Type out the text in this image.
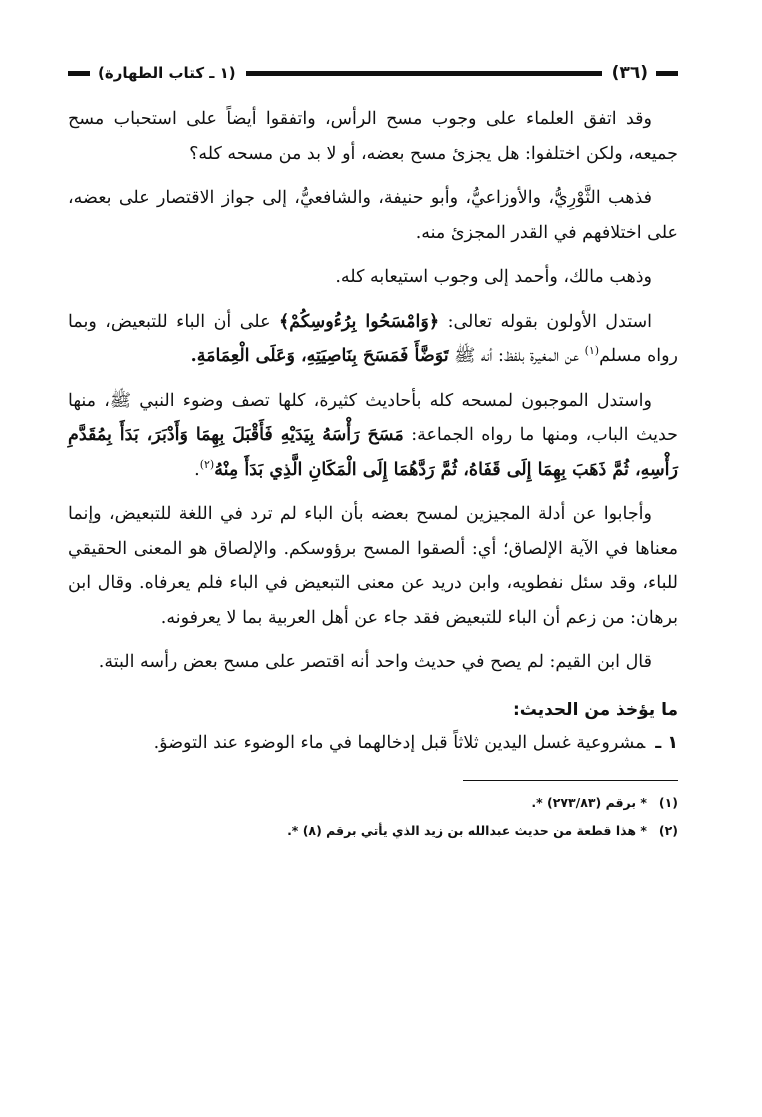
(٣٦)
(١ ـ كتاب الطهارة)

وقد اتفق العلماء على وجوب مسح الرأس، واتفقوا أيضاً على استحباب مسح جميعه، ولكن اختلفوا: هل يجزئ مسح بعضه، أو لا بد من مسحه كله؟

فذهب الثَّوْرِيُّ، والأوزاعيُّ، وأبو حنيفة، والشافعيُّ، إلى جواز الاقتصار على بعضه، على اختلافهم في القدر المجزئ منه.

وذهب مالك، وأحمد إلى وجوب استيعابه كله.

استدل الأولون بقوله تعالى: ﴿وَامْسَحُوا بِرُءُوسِكُمْ﴾ على أن الباء للتبعيض، وبما رواه مسلم$^{(١)}$ عن المغيرة بلفظ: أنه ﷺ تَوَضَّأَ فَمَسَحَ بِنَاصِيَتِهِ، وَعَلَى الْعِمَامَةِ.

واستدل الموجبون لمسحه كله بأحاديث كثيرة، كلها تصف وضوء النبي ﷺ، منها حديث الباب، ومنها ما رواه الجماعة: مَسَحَ رَأْسَهُ بِيَدَيْهِ فَأَقْبَلَ بِهِمَا وَأَدْبَرَ، بَدَأَ بِمُقَدَّمِ رَأْسِهِ، ثُمَّ ذَهَبَ بِهِمَا إِلَى قَفَاهُ، ثُمَّ رَدَّهُمَا إِلَى الْمَكَانِ الَّذِي بَدَأَ مِنْهُ$^{(٢)}$.

وأجابوا عن أدلة المجيزين لمسح بعضه بأن الباء لم ترد في اللغة للتبعيض، وإنما معناها في الآية الإلصاق؛ أي: ألصقوا المسح برؤوسكم. والإلصاق هو المعنى الحقيقي للباء، وقد سئل نفطويه، وابن دريد عن معنى التبعيض في الباء فلم يعرفاه. وقال ابن برهان: من زعم أن الباء للتبعيض فقد جاء عن أهل العربية بما لا يعرفونه.

قال ابن القيم: لم يصح في حديث واحد أنه اقتصر على مسح بعض رأسه البتة.

ما يؤخذ من الحديث:

١ ـمشروعية غسل اليدين ثلاثاً قبل إدخالهما في ماء الوضوء عند التوضؤ.

(١)* برقم (٢٧٣/٨٣) *.

(٢)* هذا قطعة من حديث عبدالله بن زيد الذي يأتي برقم (٨) *.
